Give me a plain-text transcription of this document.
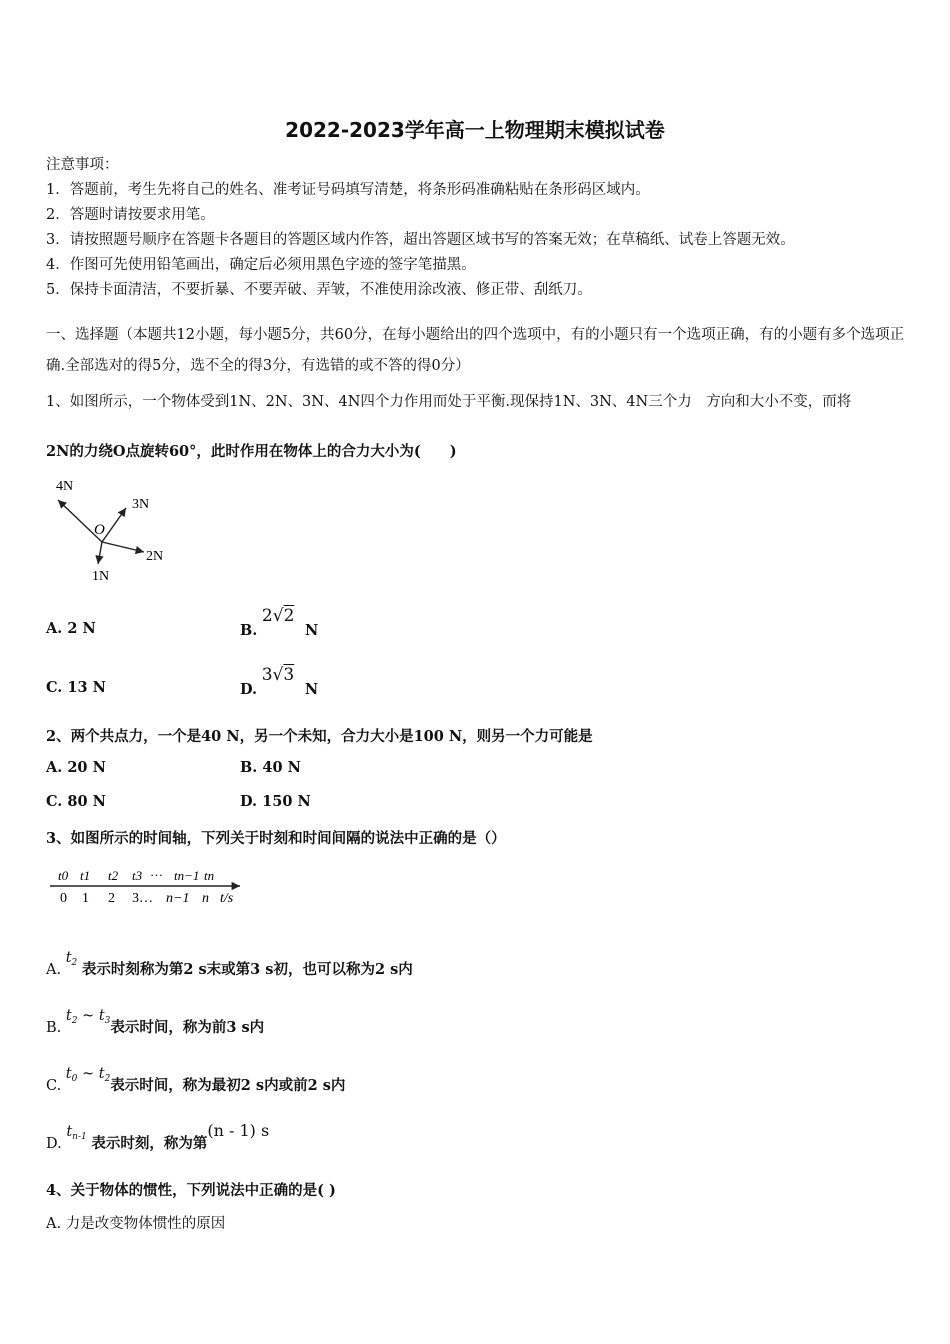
2022-2023学年高一上物理期末模拟试卷
注意事项：
1．答题前，考生先将自己的姓名、准考证号码填写清楚，将条形码准确粘贴在条形码区域内。
2．答题时请按要求用笔。
3．请按照题号顺序在答题卡各题目的答题区域内作答，超出答题区域书写的答案无效；在草稿纸、试卷上答题无效。
4．作图可先使用铅笔画出，确定后必须用黑色字迹的签字笔描黑。
5．保持卡面清洁，不要折暴、不要弄破、弄皱，不准使用涂改液、修正带、刮纸刀。
一、选择题（本题共12小题，每小题5分，共60分，在每小题给出的四个选项中，有的小题只有一个选项正确，有的小题有多个选项正确.全部选对的得5分，选不全的得3分，有选错的或不答的得0分）
1、如图所示，一个物体受到1N、2N、3N、4N四个力作用而处于平衡.现保持1N、3N、4N三个力　方向和大小不变，而将
2N的力绕O点旋转60°，此时作用在物体上的合力大小为(　　)
4N
3N
O
2N
1N
A. 2 N	B. 2√2 N
C. 13 N	D. 3√3 N
2、两个共点力，一个是40 N，另一个未知，合力大小是100 N，则另一个力可能是
A. 20 N	B. 40 N
C. 80 N	D. 150 N
3、如图所示的时间轴，下列关于时刻和时间间隔的说法中正确的是（）
t0 t1 t2 t3 … tn−1 tn
0 1 2 3… n−1 n t/s
A. $t_2$ 表示时刻称为第2 s末或第3 s初，也可以称为2 s内
B. $t_2$ ~ $t_3$表示时间，称为前3 s内
C. $t_0$ ~ $t_2$表示时间，称为最初2 s内或前2 s内
D. $t_{n-1}$ 表示时刻，称为第(n - 1) s
4、关于物体的惯性，下列说法中正确的是( )
A. 力是改变物体惯性的原因
